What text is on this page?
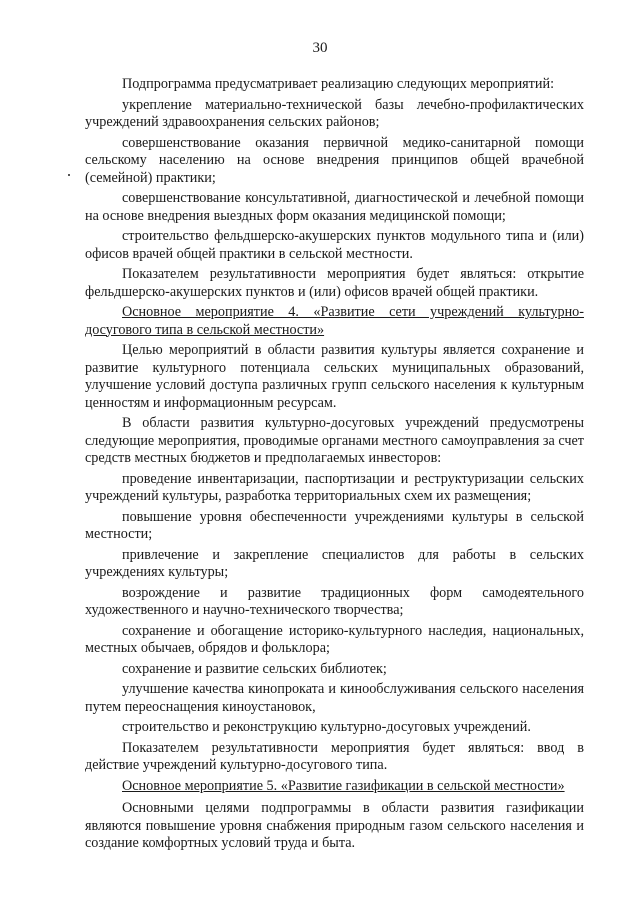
30

Подпрограмма предусматривает реализацию следующих мероприятий:

укрепление материально-технической базы лечебно-профилактических учреждений здравоохранения сельских районов;

совершенствование оказания первичной медико-санитарной помощи сельскому населению на основе внедрения принципов общей врачебной (семейной) практики;

совершенствование консультативной, диагностической и лечебной помощи на основе внедрения выездных форм оказания медицинской помощи;

строительство фельдшерско-акушерских пунктов модульного типа и (или) офисов врачей общей практики в сельской местности.

Показателем результативности мероприятия будет являться: открытие фельдшерско-акушерских пунктов и (или) офисов врачей общей практики.

Основное мероприятие 4. «Развитие сети учреждений культурно-досугового типа в сельской местности»

Целью мероприятий в области развития культуры является сохранение и развитие культурного потенциала сельских муниципальных образований, улучшение условий доступа различных групп сельского населения к культурным ценностям и информационным ресурсам.

В области развития культурно-досуговых учреждений предусмотрены следующие мероприятия, проводимые органами местного самоуправления за счет средств местных бюджетов и предполагаемых инвесторов:

проведение инвентаризации, паспортизации и реструктуризации сельских учреждений культуры, разработка территориальных схем их размещения;

повышение уровня обеспеченности учреждениями культуры в сельской местности;

привлечение и закрепление специалистов для работы в сельских учреждениях культуры;

возрождение и развитие традиционных форм самодеятельного художественного и научно-технического творчества;

сохранение и обогащение историко-культурного наследия, национальных, местных обычаев, обрядов и фольклора;

сохранение и развитие сельских библиотек;

улучшение качества кинопроката и кинообслуживания сельского населения путем переоснащения киноустановок,

строительство и реконструкцию культурно-досуговых учреждений.

Показателем результативности мероприятия будет являться: ввод в действие учреждений культурно-досугового типа.

Основное мероприятие 5. «Развитие газификации в сельской местности»

Основными целями подпрограммы в области развития газификации являются повышение уровня снабжения природным газом сельского населения и создание комфортных условий труда и быта.
